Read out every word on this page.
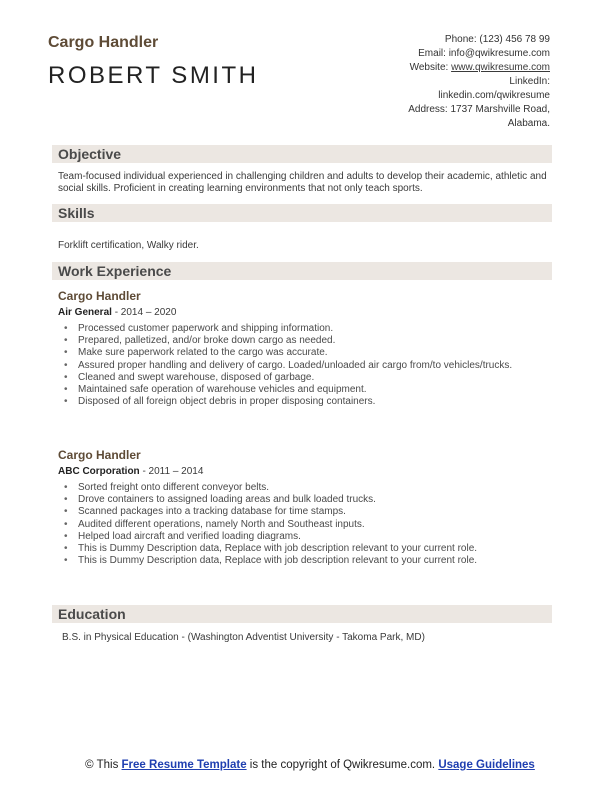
Cargo Handler
ROBERT SMITH
Phone: (123) 456 78 99
Email: info@qwikresume.com
Website: www.qwikresume.com
LinkedIn:
linkedin.com/qwikresume
Address: 1737 Marshville Road,
Alabama.
Objective
Team-focused individual experienced in challenging children and adults to develop their academic, athletic and social skills. Proficient in creating learning environments that not only teach sports.
Skills
Forklift certification, Walky rider.
Work Experience
Cargo Handler
Air General - 2014 – 2020
• Processed customer paperwork and shipping information.
• Prepared, palletized, and/or broke down cargo as needed.
• Make sure paperwork related to the cargo was accurate.
• Assured proper handling and delivery of cargo. Loaded/unloaded air cargo from/to vehicles/trucks.
• Cleaned and swept warehouse, disposed of garbage.
• Maintained safe operation of warehouse vehicles and equipment.
• Disposed of all foreign object debris in proper disposing containers.
Cargo Handler
ABC Corporation - 2011 – 2014
• Sorted freight onto different conveyor belts.
• Drove containers to assigned loading areas and bulk loaded trucks.
• Scanned packages into a tracking database for time stamps.
• Audited different operations, namely North and Southeast inputs.
• Helped load aircraft and verified loading diagrams.
• This is Dummy Description data, Replace with job description relevant to your current role.
• This is Dummy Description data, Replace with job description relevant to your current role.
Education
B.S. in Physical Education - (Washington Adventist University - Takoma Park, MD)
© This Free Resume Template is the copyright of Qwikresume.com. Usage Guidelines
